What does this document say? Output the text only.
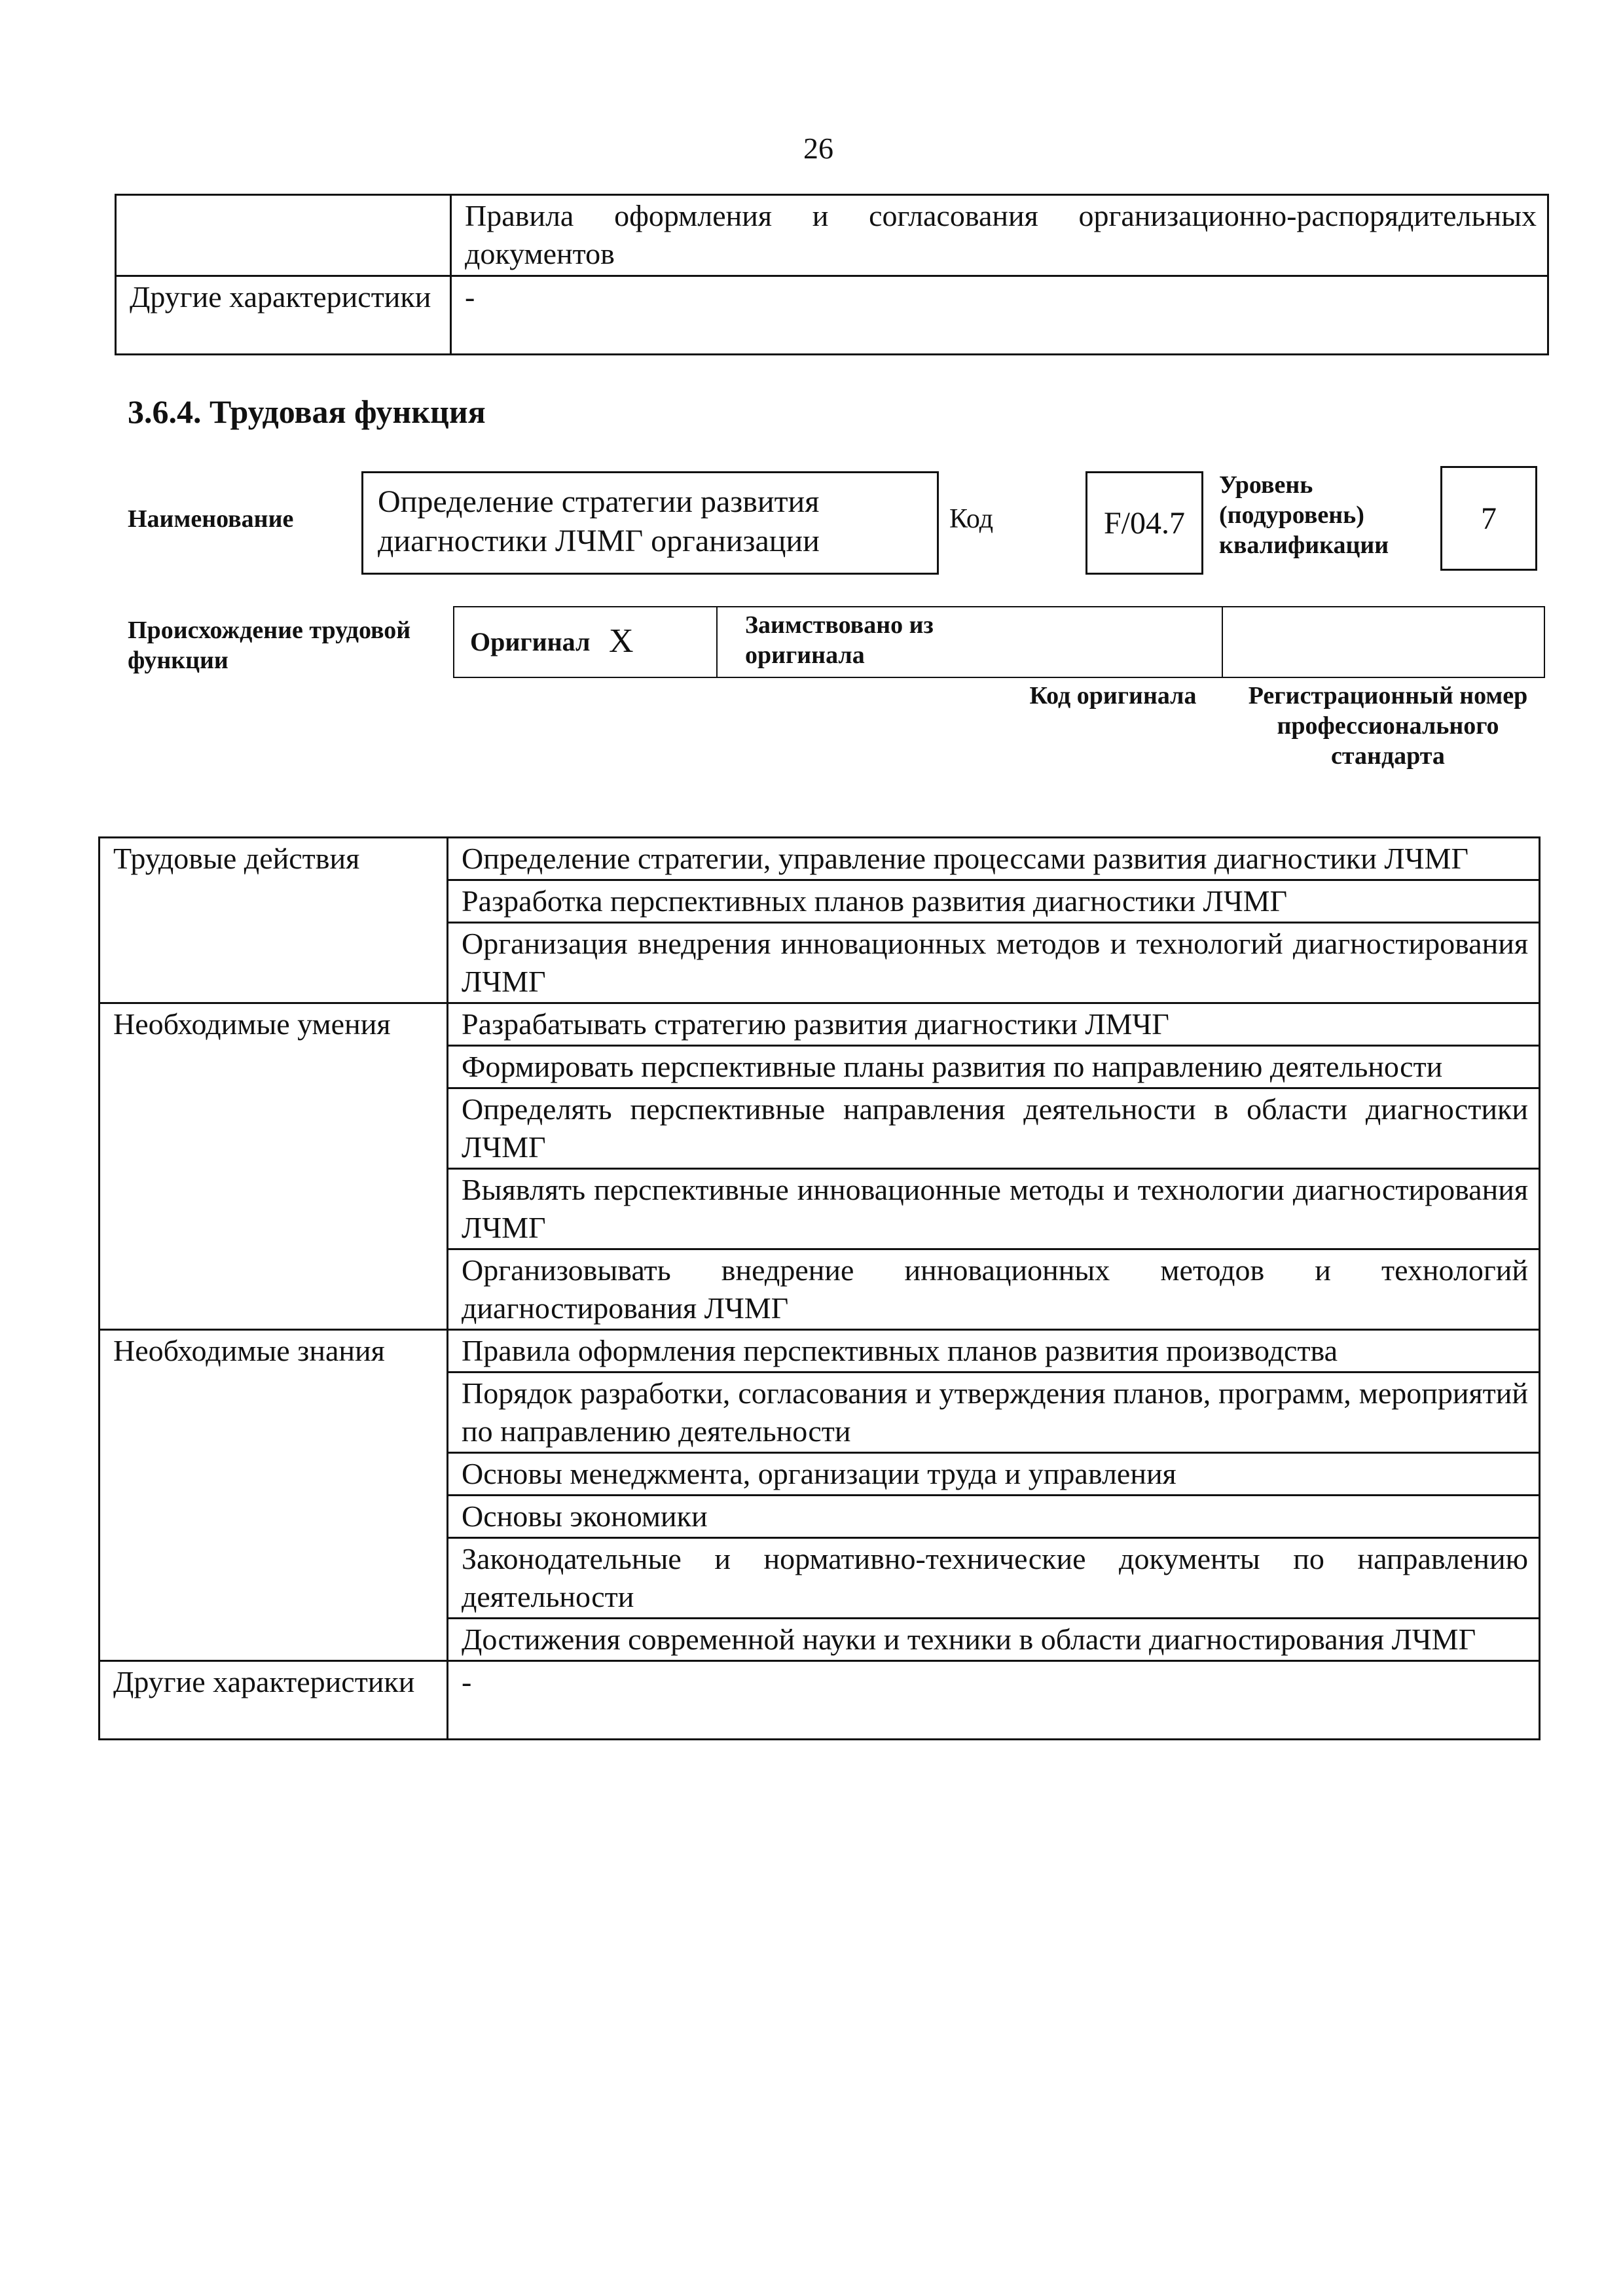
26
	Правила оформления и согласования организационно-распорядительных документов
Другие характеристики	-
3.6.4. Трудовая функция
Наименование	Определение стратегии развития диагностики ЛЧМГ организации
Код	F/04.7
Уровень (подуровень) квалификации
7
Происхождение трудовой функции
Оригинал X	Заимствовано из оригинала
Код оригинала	Регистрационный номер профессионального стандарта
Трудовые действия	Определение стратегии, управление процессами развития диагностики ЛЧМГ
	Разработка перспективных планов развития диагностики ЛЧМГ
	Организация внедрения инновационных методов и технологий диагностирования ЛЧМГ
Необходимые умения	Разрабатывать стратегию развития диагностики ЛМЧГ
	Формировать перспективные планы развития по направлению деятельности
	Определять перспективные направления деятельности в области диагностики ЛЧМГ
	Выявлять перспективные инновационные методы и технологии диагностирования ЛЧМГ
	Организовывать внедрение инновационных методов и технологий диагностирования ЛЧМГ
Необходимые знания	Правила оформления перспективных планов развития производства
	Порядок разработки, согласования и утверждения планов, программ, мероприятий по направлению деятельности
	Основы менеджмента, организации труда и управления
	Основы экономики
	Законодательные и нормативно-технические документы по направлению деятельности
	Достижения современной науки и техники в области диагностирования ЛЧМГ
Другие характеристики	-
